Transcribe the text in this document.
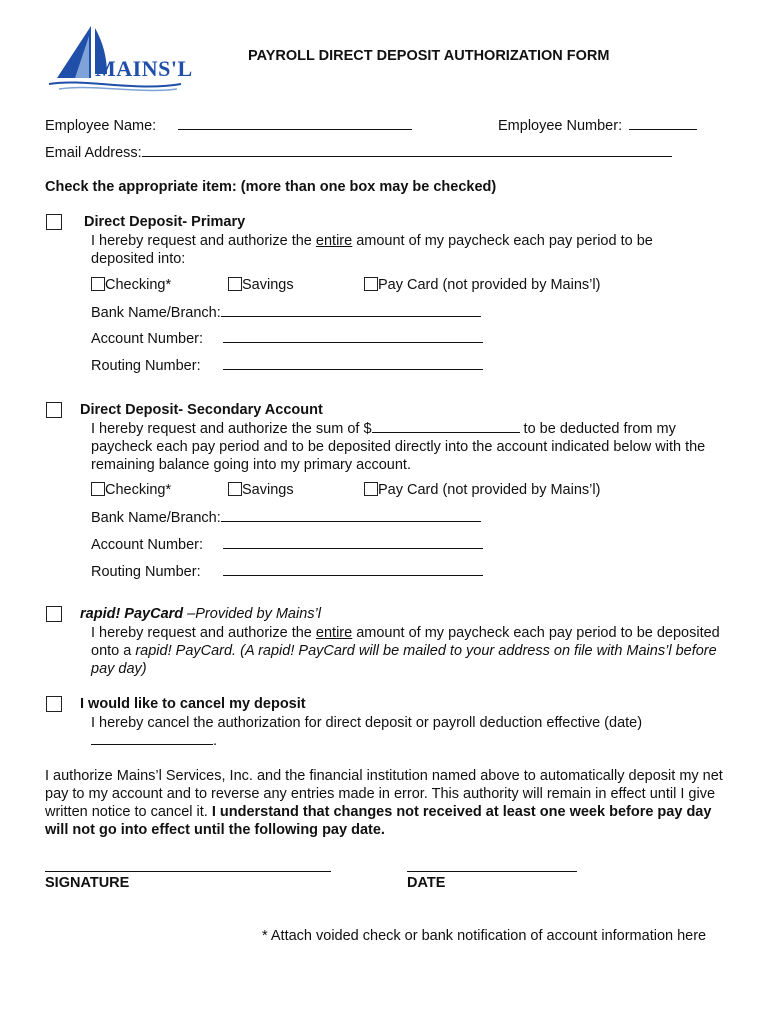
MAINS'L	PAYROLL DIRECT DEPOSIT AUTHORIZATION FORM
Employee Name:	Employee Number:
Email Address:
Check the appropriate item: (more than one box may be checked)
Direct Deposit- Primary
I hereby request and authorize the entire amount of my paycheck each pay period to be deposited into:
Checking*	Savings	Pay Card (not provided by Mains’l)
Bank Name/Branch:
Account Number:
Routing Number:
Direct Deposit- Secondary Account
I hereby request and authorize the sum of $	to be deducted from my paycheck each pay period and to be deposited directly into the account indicated below with the remaining balance going into my primary account.
Checking*	Savings	Pay Card (not provided by Mains’l)
Bank Name/Branch:
Account Number:
Routing Number:
rapid! PayCard –Provided by Mains’l
I hereby request and authorize the entire amount of my paycheck each pay period to be deposited onto a rapid! PayCard. (A rapid! PayCard will be mailed to your address on file with Mains’l before pay day)
I would like to cancel my deposit
I hereby cancel the authorization for direct deposit or payroll deduction effective (date).
I authorize Mains’l Services, Inc. and the financial institution named above to automatically deposit my net pay to my account and to reverse any entries made in error. This authority will remain in effect until I give written notice to cancel it. I understand that changes not received at least one week before pay day will not go into effect until the following pay date.
SIGNATURE	DATE
* Attach voided check or bank notification of account information here
